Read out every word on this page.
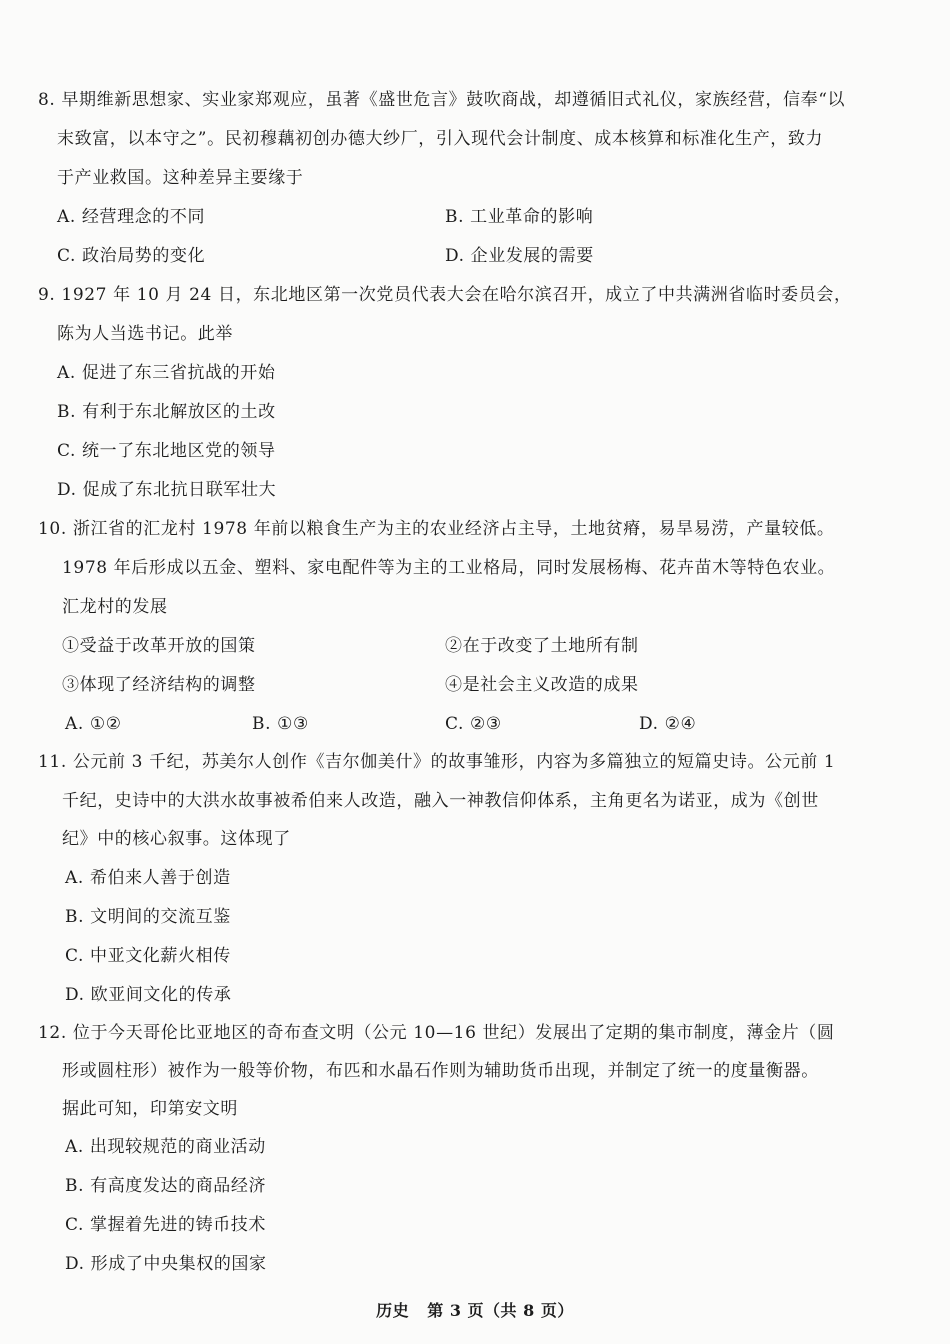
8. 早期维新思想家、实业家郑观应，虽著《盛世危言》鼓吹商战，却遵循旧式礼仪，家族经营，信奉“以
末致富，以本守之”。民初穆藕初创办德大纱厂，引入现代会计制度、成本核算和标准化生产，致力
于产业救国。这种差异主要缘于
A. 经营理念的不同	B. 工业革命的影响
C. 政治局势的变化	D. 企业发展的需要
9. 1927 年 10 月 24 日，东北地区第一次党员代表大会在哈尔滨召开，成立了中共满洲省临时委员会，
陈为人当选书记。此举
A. 促进了东三省抗战的开始
B. 有利于东北解放区的土改
C. 统一了东北地区党的领导
D. 促成了东北抗日联军壮大
10. 浙江省的汇龙村 1978 年前以粮食生产为主的农业经济占主导，土地贫瘠，易旱易涝，产量较低。
1978 年后形成以五金、塑料、家电配件等为主的工业格局，同时发展杨梅、花卉苗木等特色农业。
汇龙村的发展
①受益于改革开放的国策	②在于改变了土地所有制
③体现了经济结构的调整	④是社会主义改造的成果
A. ①②	B. ①③	C. ②③	D. ②④
11. 公元前 3 千纪，苏美尔人创作《吉尔伽美什》的故事雏形，内容为多篇独立的短篇史诗。公元前 1
千纪，史诗中的大洪水故事被希伯来人改造，融入一神教信仰体系，主角更名为诺亚，成为《创世
纪》中的核心叙事。这体现了
A. 希伯来人善于创造
B. 文明间的交流互鉴
C. 中亚文化薪火相传
D. 欧亚间文化的传承
12. 位于今天哥伦比亚地区的奇布查文明（公元 10—16 世纪）发展出了定期的集市制度，薄金片（圆
形或圆柱形）被作为一般等价物，布匹和水晶石作则为辅助货币出现，并制定了统一的度量衡器。
据此可知，印第安文明
A. 出现较规范的商业活动
B. 有高度发达的商品经济
C. 掌握着先进的铸币技术
D. 形成了中央集权的国家
历史 第 3 页（共 8 页）
